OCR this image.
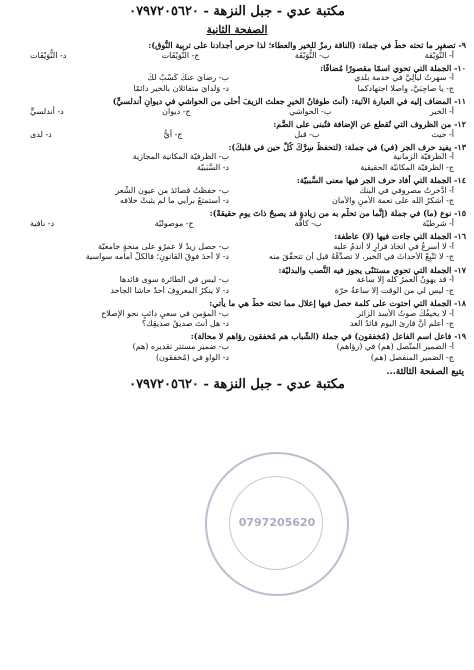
مكتبة عدي - جبل النزهة - ٠٧٩٧٢٠٥٦٢٠
الصفحة الثانية
٩- تصغير ما تحته خطٌ في جملة: (الناقة رمزٌ للخير والعطاء؛ لذا حرص أجدادنا على تربية النُّوق):
أ- النُّوَيْقة
ب- النُّوَيْقَة
ج- النُّوَيْقَات
د- النُّوَيْقَات
١٠- الجملة التي تحوي اسمًا مقصورًا مُضافًا:
أ- سهرتُ ليالِيَّ في خدمة بلدي
ب- رضايَ عنكَ كَسْبٌ لكَ
ج- يا صاحِبَيَّ، واصلا اجتهادكما
د- وَلَدايَ متفائلان بالخير دائمًا
١١- المضاف إليه في العبارة الآتية: (أنتَ طوفانُ الخيرِ جعلتَ الزيفَ أحلى من الحواشي في ديوانِ أندلسيٍّ)
أ- الخير
ب- الحواشي
ج- ديوان
د- أندلسيٍّ
١٢- من الظروف التي تُقطع عن الإضافة فتُبنى على الضَّم:
أ- حيث
ب- قبل
ج- أيُّ
د- لدى
١٣- يفيد حرف الجر (في) في جملة: (لتحفظْ سِرَّكَ كُلٌّ حينٍ في قلبكَ):
أ- الظرفيّة الزمانية
ب- الظرفيّة المكانية المجازية
ج- الظرفيّة المكانيّة الحقيقية
د- السَّبَبيّة
١٤- الجملة التي أفاد حرف الجر فيها معنى السَّببيّة:
أ- ادَّخرتُ مصروفي في البنك
ب- حفظتُ قصائدَ من عيون الشِّعر
ج- أشكرُ الله على نعمة الأمنِ والأمان
د- أستمتعُ برأيي ما لم يثبتْ خلافه
١٥- نوع (ما) في جملة (إنَّما من تحلَّم به من زيادةٍ قد يصبحُ ذاتَ يومِ حقيقةً):
أ- شرطيّة
ب- كافّة
ج- موصوليّة
د- نافية
١٦- الجملة التي جاءت فيها (لا) عاطفة:
أ- لا أسرعُ في اتخاذ قرارٍ لا أندمُ عليه
ب- حصل زيدٌ لا عمرٌو على منحةٍ جامعيّة
ج- لا تَتَّبِعْ الأحداثَ في الخير، لا تصدِّقْهُ قبل أن تتحقَّقَ منه
د- لا أحدَ فوقَ القانونِ؛ فالكلُّ أمامه سواسية
١٧- الجملة التي تحوي مستثنًى يجوز فيه النَّصب والبدليّة:
أ- قد يهونُ العمرُ كلُّه إلّا ساعة
ب- ليس في الطّائرة سوى قائدها
ج- ليس لي من الوقت إلا ساعةٌ حرّة
د- لا ينكرُ المعروفَ أحدٌ حاشا الجاحد
١٨- الجملة التي احتوت على كلمة حصل فيها إعلال مما تحته خطٌّ هي ما يأتي:
أ- لا يخيفُكَ صوتُ الأسد الزائر
ب- المؤمن في سعيٍ دائبٍ نحو الإصلاح
ج- أعلم أنَّ قارئ اليوم قائدُ الغد
د- هل أنتَ صديقُ صديقِك؟
١٩- فاعل اسم الفاعل (مُخفقون) في جملة (الشّباب هم مُخفقون رؤاهم لا محالة):
أ- الضمير المتَّصل (هم) في (رؤاهم)
ب- ضمير مستتر تقديره (هم)
ج- الضمير المنفصل (هم)
د- الواو في (مُخفقون)
يتبع الصفحة الثالثة...
مكتبة عدي - جبل النزهة - ٠٧٩٧٢٠٥٦٢٠
0797205620
